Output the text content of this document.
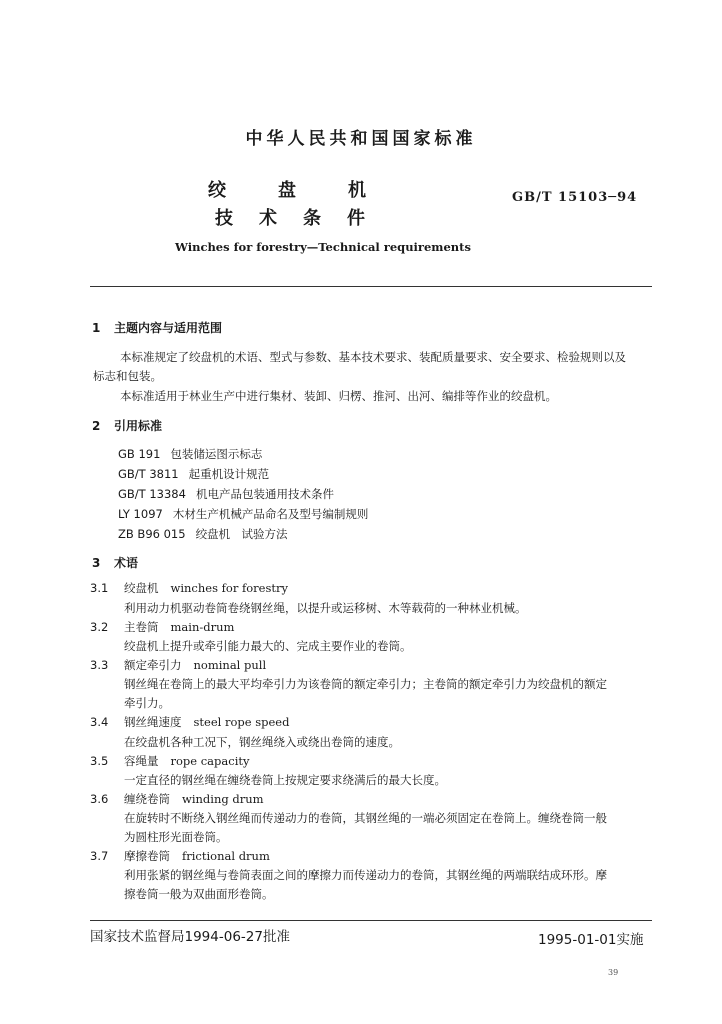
中华人民共和国国家标准
绞盘机
技术条件
GB/T 15103─94
Winches for forestry—Technical requirements
1 主题内容与适用范围
本标准规定了绞盘机的术语、型式与参数、基本技术要求、装配质量要求、安全要求、检验规则以及
标志和包装。
本标准适用于林业生产中进行集材、装卸、归楞、推河、出河、编排等作业的绞盘机。
2 引用标准
GB 191 包装储运图示标志
GB/T 3811 起重机设计规范
GB/T 13384 机电产品包装通用技术条件
LY 1097 木材生产机械产品命名及型号编制规则
ZB B96 015 绞盘机　试验方法
3 术语
3.1 绞盘机 winches for forestry
利用动力机驱动卷筒卷绕钢丝绳，以提升或运移树、木等载荷的一种林业机械。
3.2 主卷筒 main-drum
绞盘机上提升或牵引能力最大的、完成主要作业的卷筒。
3.3 额定牵引力 nominal pull
钢丝绳在卷筒上的最大平均牵引力为该卷筒的额定牵引力；主卷筒的额定牵引力为绞盘机的额定
牵引力。
3.4 钢丝绳速度 steel rope speed
在绞盘机各种工况下，钢丝绳绕入或绕出卷筒的速度。
3.5 容绳量 rope capacity
一定直径的钢丝绳在缠绕卷筒上按规定要求绕满后的最大长度。
3.6 缠绕卷筒 winding drum
在旋转时不断绕入钢丝绳而传递动力的卷筒，其钢丝绳的一端必须固定在卷筒上。缠绕卷筒一般
为圆柱形光面卷筒。
3.7 摩擦卷筒 frictional drum
利用张紧的钢丝绳与卷筒表面之间的摩擦力而传递动力的卷筒，其钢丝绳的两端联结成环形。摩
擦卷筒一般为双曲面形卷筒。
国家技术监督局1994-06-27批准	1995-01-01实施
39
